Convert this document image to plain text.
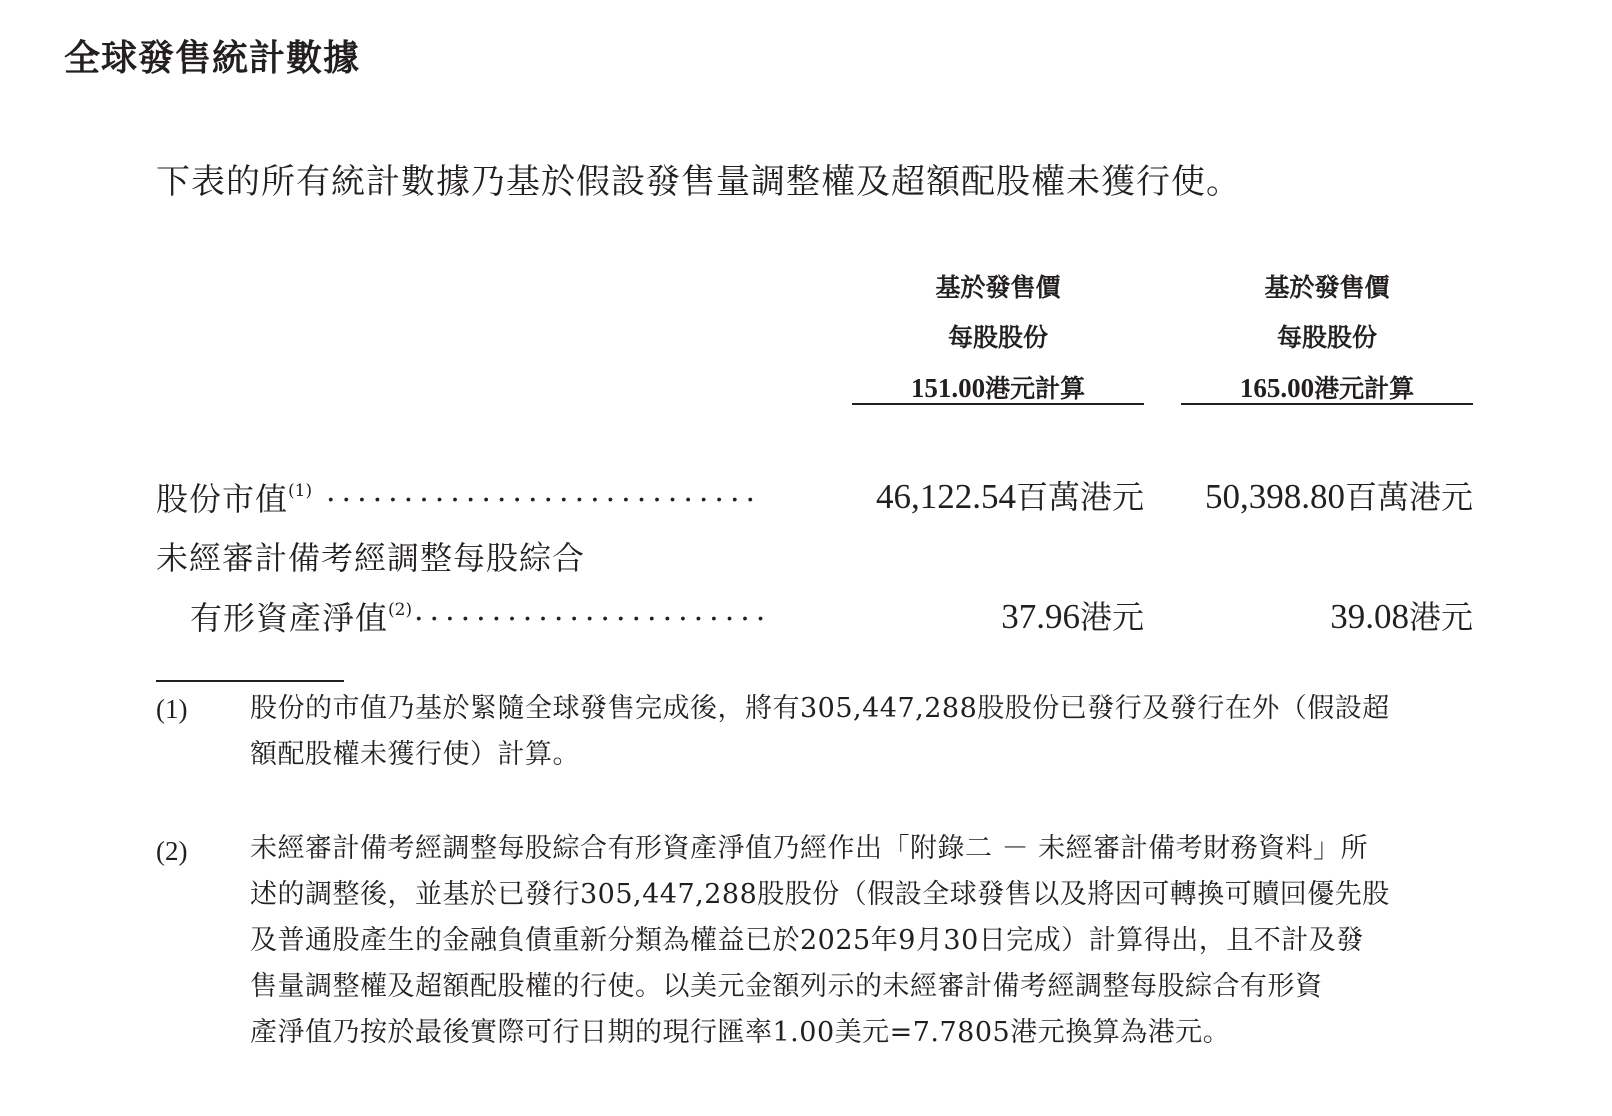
全球發售統計數據
下表的所有統計數據乃基於假設發售量調整權及超額配股權未獲行使。
基於發售價
每股股份
151.00港元計算
基於發售價
每股股份
165.00港元計算
股份市值$^{(1)}$ ............................	46,122.54百萬港元	50,398.80百萬港元
未經審計備考經調整每股綜合
有形資產淨值$^{(2)}$ .......................	37.96港元	39.08港元
(1) 股份的市值乃基於緊隨全球發售完成後，將有305,447,288股股份已發行及發行在外（假設超
額配股權未獲行使）計算。
(2) 未經審計備考經調整每股綜合有形資產淨值乃經作出「附錄二 － 未經審計備考財務資料」所
述的調整後，並基於已發行305,447,288股股份（假設全球發售以及將因可轉換可贖回優先股
及普通股產生的金融負債重新分類為權益已於2025年9月30日完成）計算得出，且不計及發
售量調整權及超額配股權的行使。以美元金額列示的未經審計備考經調整每股綜合有形資
產淨值乃按於最後實際可行日期的現行匯率1.00美元=7.7805港元換算為港元。
